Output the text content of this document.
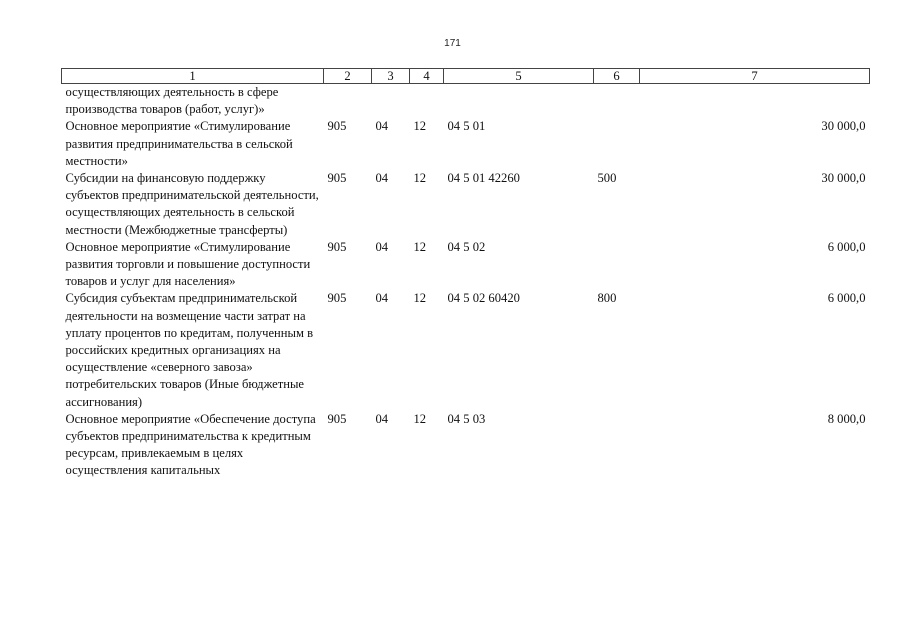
171
1	2	3	4	5	6	7
осуществляющих деятельность в сфере производства товаров (работ, услуг)»						
Основное мероприятие «Стимулирование развития предпринимательства в сельской местности»	905	04	12	04 5 01		30 000,0
Субсидии на финансовую поддержку субъектов предпринимательской деятельности, осуществляющих деятельность в сельской местности (Межбюджетные трансферты)	905	04	12	04 5 01 42260	500	30 000,0
Основное мероприятие «Стимулирование развития торговли и повышение доступности товаров и услуг для населения»	905	04	12	04 5 02		6 000,0
Субсидия субъектам предпринимательской деятельности на возмещение части затрат на уплату процентов по кредитам, полученным в российских кредитных организациях на осуществление «северного завоза» потребительских товаров (Иные бюджетные ассигнования)	905	04	12	04 5 02 60420	800	6 000,0
Основное мероприятие «Обеспечение доступа субъектов предпринимательства к кредитным ресурсам, привлекаемым в целях осуществления капитальных	905	04	12	04 5 03		8 000,0
